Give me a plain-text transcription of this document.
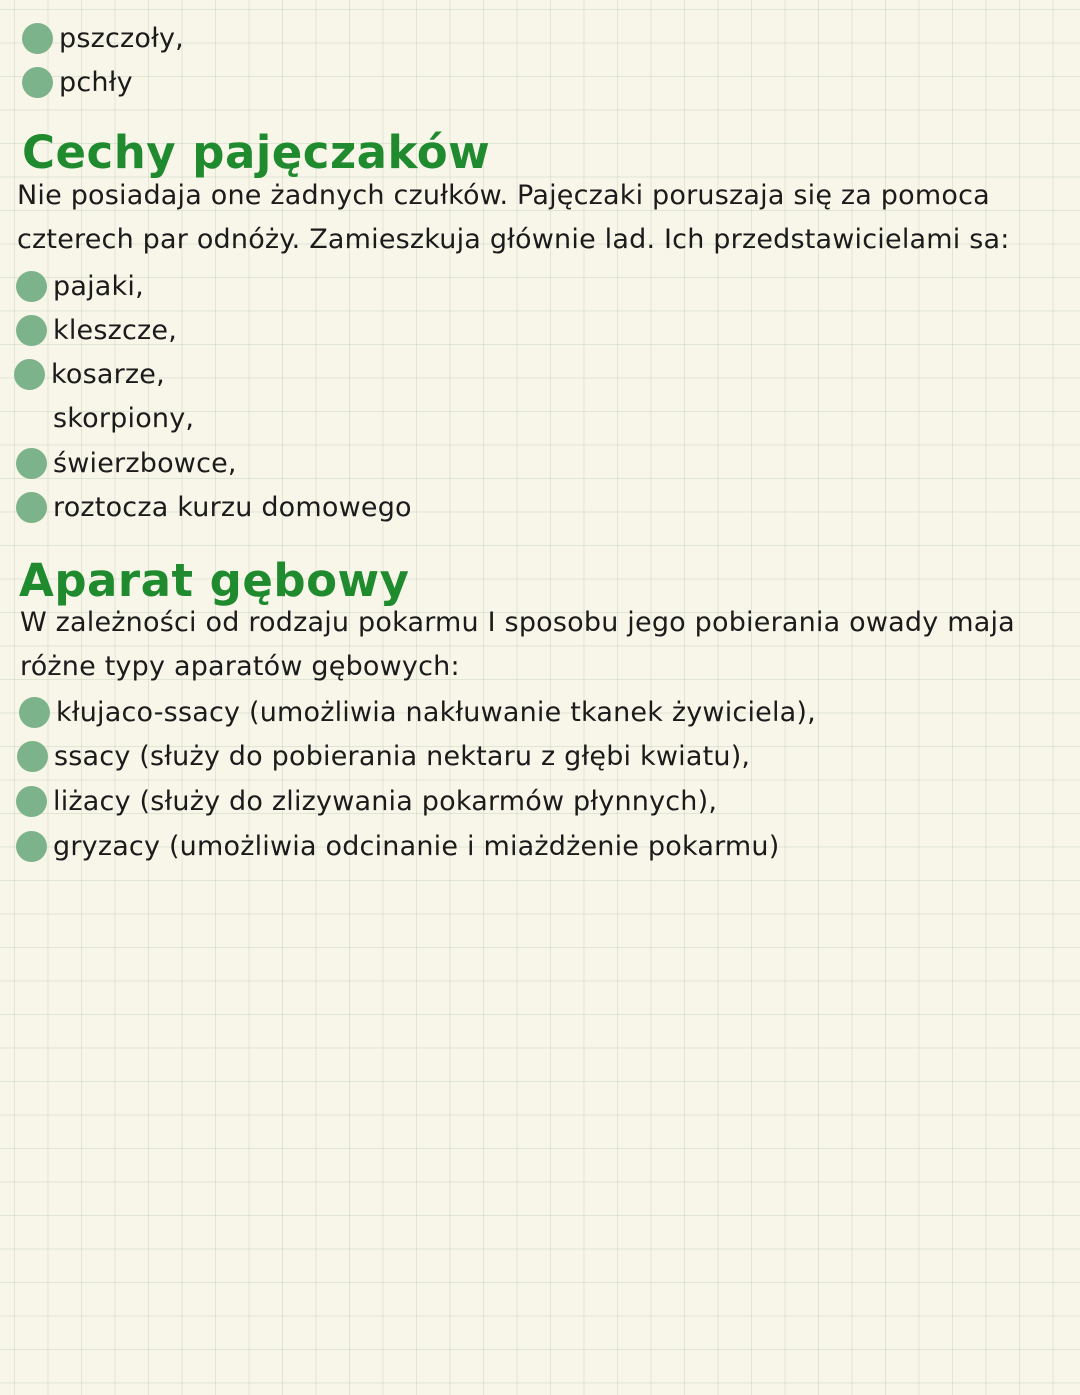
pszczoły,
pchły
Cechy pajęczaków
Nie posiadaja one żadnych czułków. Pajęczaki poruszaja się za pomoca
czterech par odnóży. Zamieszkuja głównie lad. Ich przedstawicielami sa:
pajaki,
kleszcze,
kosarze,
skorpiony,
świerzbowce,
roztocza kurzu domowego
Aparat gębowy
W zależności od rodzaju pokarmu I sposobu jego pobierania owady maja
różne typy aparatów gębowych:
kłujaco-ssacy (umożliwia nakłuwanie tkanek żywiciela),
ssacy (służy do pobierania nektaru z głębi kwiatu),
liżacy (służy do zlizywania pokarmów płynnych),
gryzacy (umożliwia odcinanie i miażdżenie pokarmu)
